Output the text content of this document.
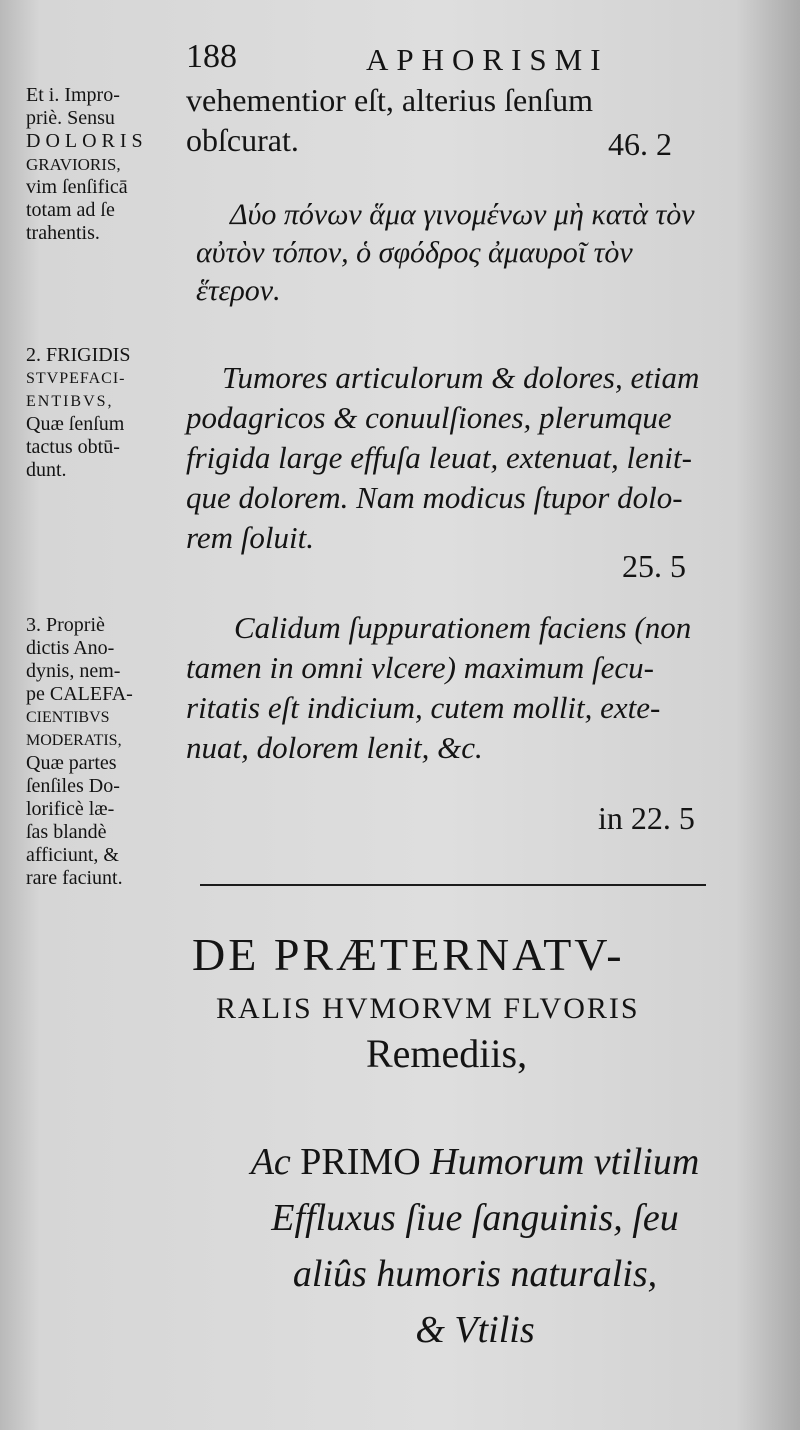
188	APHORISMI
Et i. Impro-
priè. Sensu
DOLORIS
GRAVIORIS,
vim ſenſificā
totam ad ſe
trahentis.
2. FRIGIDIS
STVPEFACI-
ENTIBVS,
Quæ ſenſum
tactus obtū-
dunt.
3. Propriè
dictis Ano-
dynis, nem-
pe CALEFA-
CIENTIBVS
MODERATIS,
Quæ partes
ſenſiles Do-
lorificè læ-
ſas blandè
afficiunt, &
rare faciunt.
vehementior eſt, alterius ſenſum
obſcurat.	46. 2
Δύο πόνων ἅμα γινομένων μὴ κατὰ τὸν
αὐτὸν τόπον, ὁ σφόδρος ἀμαυροῖ τὸν
ἕτερον.
Tumores articulorum & dolores, etiam
podagricos & conuulſiones, plerumque
frigida large effuſa leuat, extenuat, lenit-
que dolorem. Nam modicus ſtupor dolo-
rem ſoluit.
25. 5
Calidum ſuppurationem faciens (non
tamen in omni vlcere) maximum ſecu-
ritatis eſt indicium, cutem mollit, exte-
nuat, dolorem lenit, &c.
in 22. 5
DE PRÆTERNATV-
RALIS HVMORVM FLVORIS
Remediis,
Ac PRIMO Humorum vtilium
Effluxus ſiue ſanguinis, ſeu
aliûs humoris naturalis,
& Vtilis
